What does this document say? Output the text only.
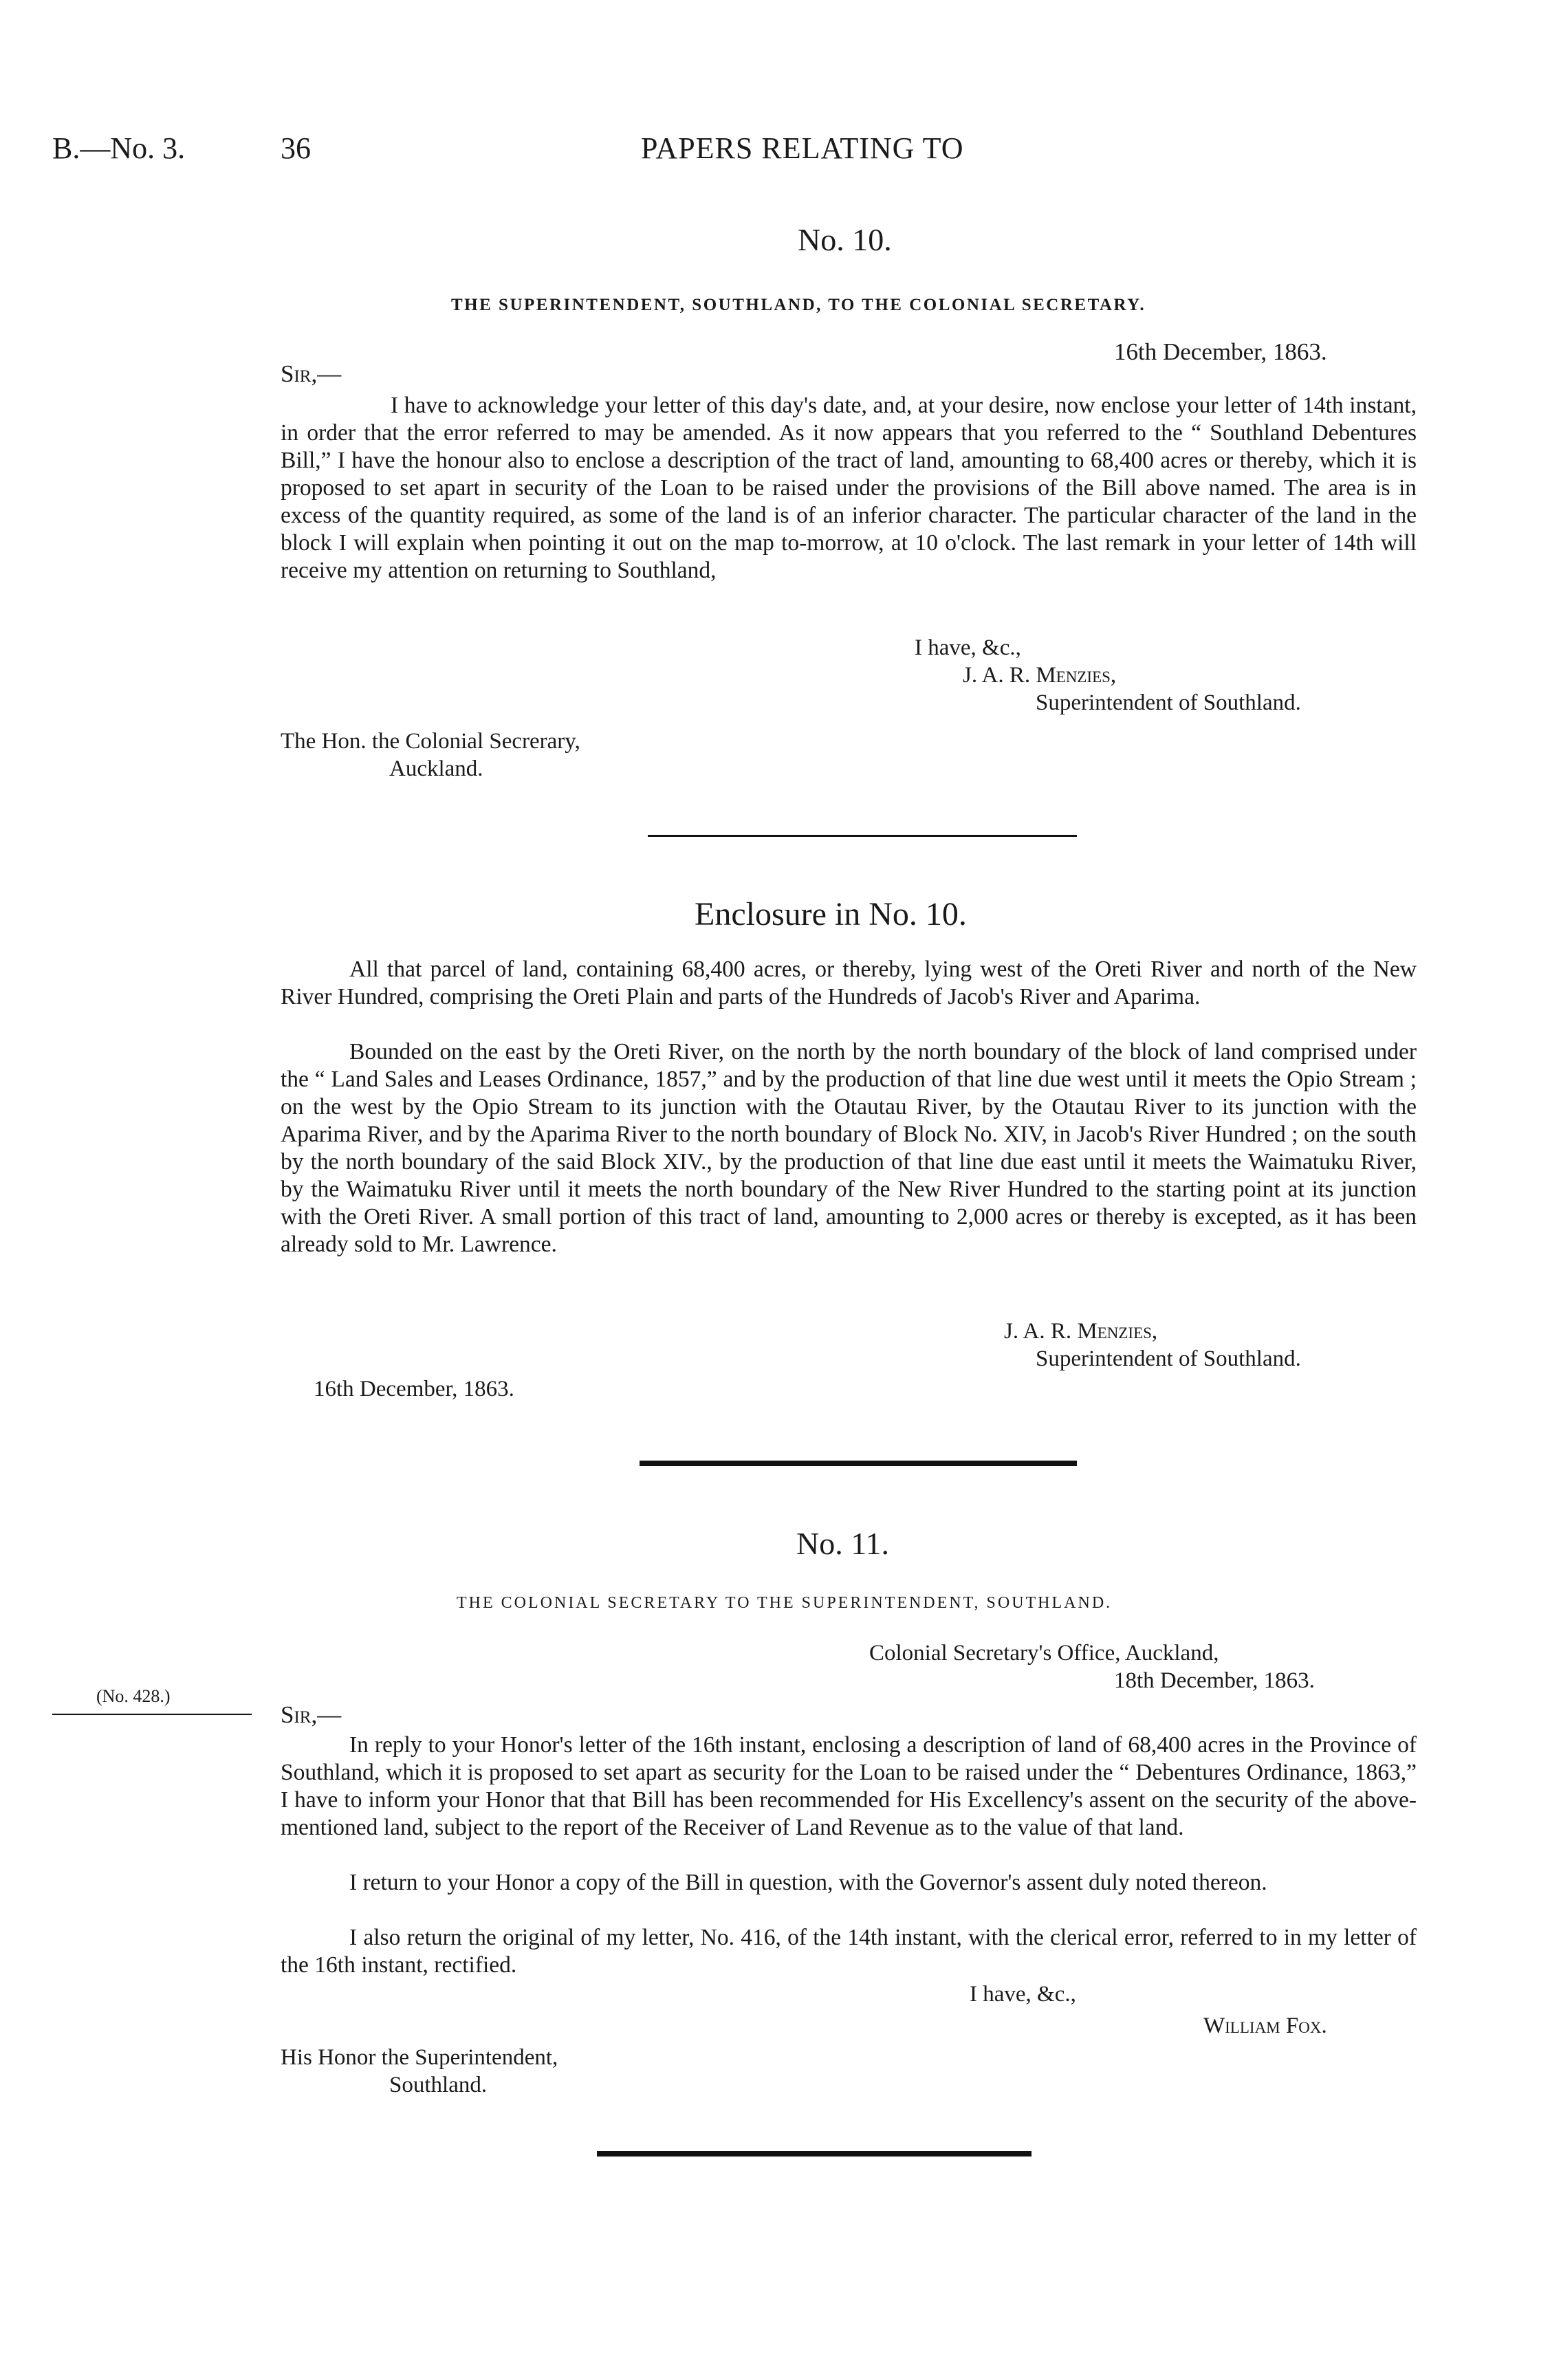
B.—No. 3.	36	PAPERS RELATING TO
No. 10.
THE SUPERINTENDENT, SOUTHLAND, TO THE COLONIAL SECRETARY.
16th December, 1863.
Sir,—
I have to acknowledge your letter of this day's date, and, at your desire, now enclose your letter of 14th instant, in order that the error referred to may be amended. As it now appears that you referred to the “ Southland Debentures Bill,” I have the honour also to enclose a description of the tract of land, amounting to 68,400 acres or thereby, which it is proposed to set apart in security of the Loan to be raised under the provisions of the Bill above named. The area is in excess of the quantity required, as some of the land is of an inferior character. The particular character of the land in the block I will explain when pointing it out on the map to-morrow, at 10 o'clock. The last remark in your letter of 14th will receive my attention on returning to Southland,
I have, &c.,
J. A. R. Menzies,
Superintendent of Southland.
The Hon. the Colonial Secrerary,
Auckland.
Enclosure in No. 10.
All that parcel of land, containing 68,400 acres, or thereby, lying west of the Oreti River and north of the New River Hundred, comprising the Oreti Plain and parts of the Hundreds of Jacob's River and Aparima.
Bounded on the east by the Oreti River, on the north by the north boundary of the block of land comprised under the “ Land Sales and Leases Ordinance, 1857,” and by the production of that line due west until it meets the Opio Stream ; on the west by the Opio Stream to its junction with the Otautau River, by the Otautau River to its junction with the Aparima River, and by the Aparima River to the north boundary of Block No. XIV, in Jacob's River Hundred ; on the south by the north boundary of the said Block XIV., by the production of that line due east until it meets the Waimatuku River, by the Waimatuku River until it meets the north boundary of the New River Hundred to the starting point at its junction with the Oreti River. A small portion of this tract of land, amounting to 2,000 acres or thereby is excepted, as it has been already sold to Mr. Lawrence.
J. A. R. Menzies,
Superintendent of Southland.
16th December, 1863.
No. 11.
THE COLONIAL SECRETARY TO THE SUPERINTENDENT, SOUTHLAND.
Colonial Secretary's Office, Auckland,
18th December, 1863.
(No. 428.)
Sir,—
In reply to your Honor's letter of the 16th instant, enclosing a description of land of 68,400 acres in the Province of Southland, which it is proposed to set apart as security for the Loan to be raised under the “ Debentures Ordinance, 1863,” I have to inform your Honor that that Bill has been recommended for His Excellency's assent on the security of the above-mentioned land, subject to the report of the Receiver of Land Revenue as to the value of that land.
I return to your Honor a copy of the Bill in question, with the Governor's assent duly noted thereon.
I also return the original of my letter, No. 416, of the 14th instant, with the clerical error, referred to in my letter of the 16th instant, rectified.
I have, &c.,
William Fox.
His Honor the Superintendent,
Southland.
